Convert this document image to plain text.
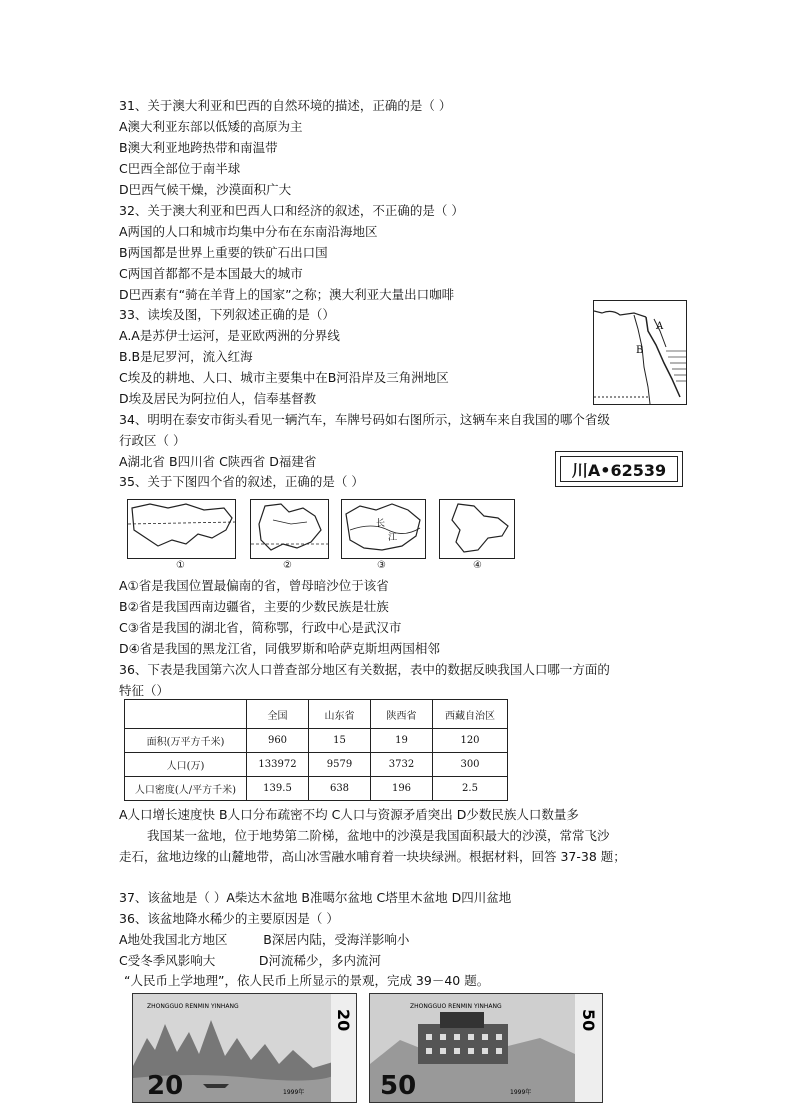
31、关于澳大利亚和巴西的自然环境的描述，正确的是（ ）
A澳大利亚东部以低矮的高原为主
B澳大利亚地跨热带和南温带
C巴西全部位于南半球
D巴西气候干燥，沙漠面积广大
32、关于澳大利亚和巴西人口和经济的叙述，不正确的是（ ）
A两国的人口和城市均集中分布在东南沿海地区
B两国都是世界上重要的铁矿石出口国
C两国首都都不是本国最大的城市
D巴西素有“骑在羊背上的国家”之称；澳大利亚大量出口咖啡
33、读埃及图，下列叙述正确的是（）
A.A是苏伊士运河，是亚欧两洲的分界线
B.B是尼罗河，流入红海
C埃及的耕地、人口、城市主要集中在B河沿岸及三角洲地区
D埃及居民为阿拉伯人，信奉基督教
A
B
34、明明在泰安市街头看见一辆汽车，车牌号码如右图所示，这辆车来自我国的哪个省级
行政区（ ）
A湖北省 B四川省 C陕西省 D福建省	川A•62539
35、关于下图四个省的叙述，正确的是（ ）
①	②
长
江
③	④
A①省是我国位置最偏南的省，曾母暗沙位于该省
B②省是我国西南边疆省，主要的少数民族是壮族
C③省是我国的湖北省，简称鄂，行政中心是武汉市
D④省是我国的黑龙江省，同俄罗斯和哈萨克斯坦两国相邻
36、下表是我国第六次人口普查部分地区有关数据，表中的数据反映我国人口哪一方面的
特征（）
	全国	山东省	陕西省	西藏自治区
面积(万平方千米)	960	15	19	120
人口(万)	133972	9579	3732	300
人口密度(人/平方千米)	139.5	638	196	2.5
A人口增长速度快 B人口分布疏密不均 C人口与资源矛盾突出 D少数民族人口数量多
我国某一盆地，位于地势第二阶梯，盆地中的沙漠是我国面积最大的沙漠，常常飞沙
走石，盆地边缘的山麓地带，高山冰雪融水哺育着一块块绿洲。根据材料，回答 37-38 题；
37、该盆地是（ ）A柴达木盆地 B准噶尔盆地 C塔里木盆地 D四川盆地
36、该盆地降水稀少的主要原因是（ ）
A地处我国北方地区         B深居内陆，受海洋影响小
C受冬季风影响大           D河流稀少，多内流河
“人民币上学地理”，依人民币上所显示的景观，完成 39－40 题。
ZHONGGUO RENMIN YINHANG
20
20	1999年
ZHONGGUO RENMIN YINHANG
50
50	1999年
